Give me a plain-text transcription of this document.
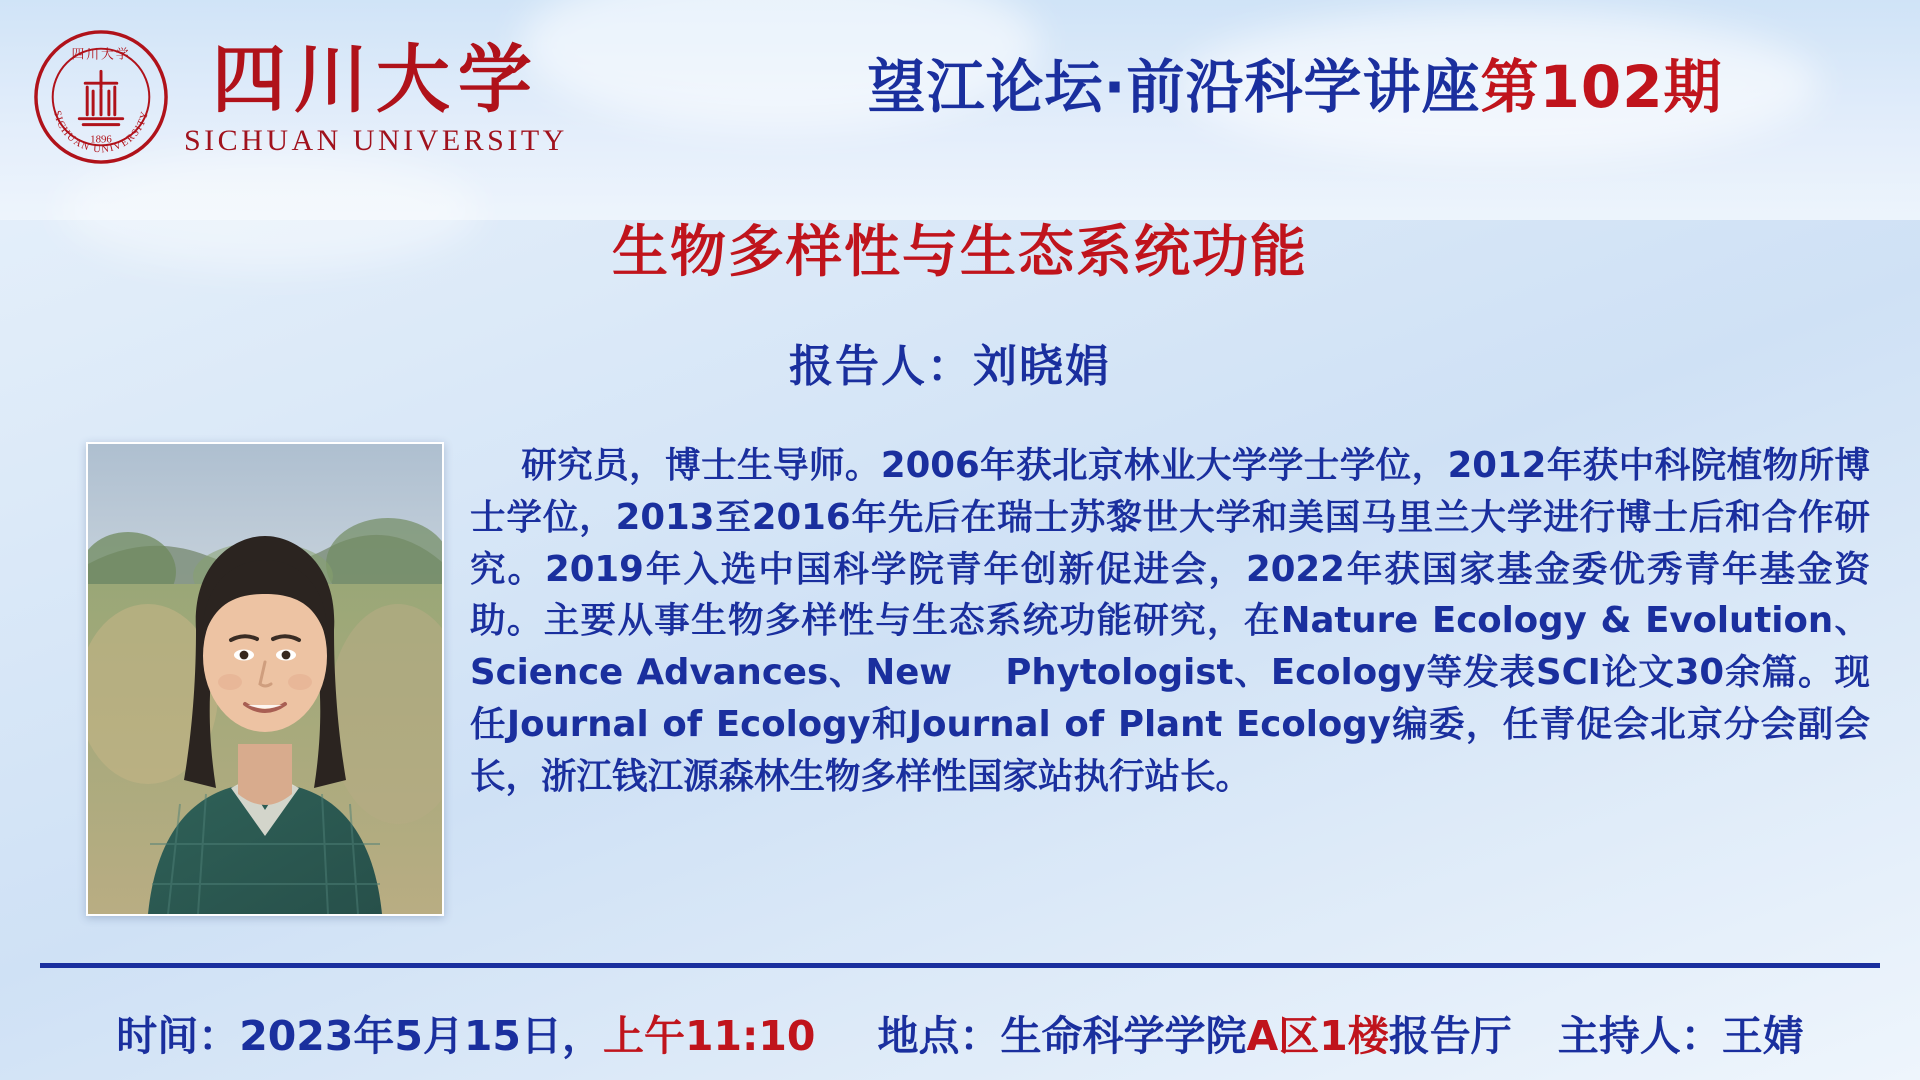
四川大学
SICHUAN UNIVERSITY
1896
四川大学
SICHUAN UNIVERSITY
望江论坛·前沿科学讲座第102期
生物多样性与生态系统功能
报告人：刘晓娟
研究员，博士生导师。2006年获北京林业大学学士学位，2012年获中科院植物所博士学位，2013至2016年先后在瑞士苏黎世大学和美国马里兰大学进行博士后和合作研究。2019年入选中国科学院青年创新促进会，2022年获国家基金委优秀青年基金资助。主要从事生物多样性与生态系统功能研究，在Nature Ecology & Evolution、Science Advances、New    Phytologist、Ecology等发表SCI论文30余篇。现任Journal of Ecology和Journal of Plant Ecology编委，任青促会北京分会副会长，浙江钱江源森林生物多样性国家站执行站长。
时间： 2023年5月15日， 上午11:10 地点： 生命科学学院 A区1楼 报告厅 主持人： 王婧
